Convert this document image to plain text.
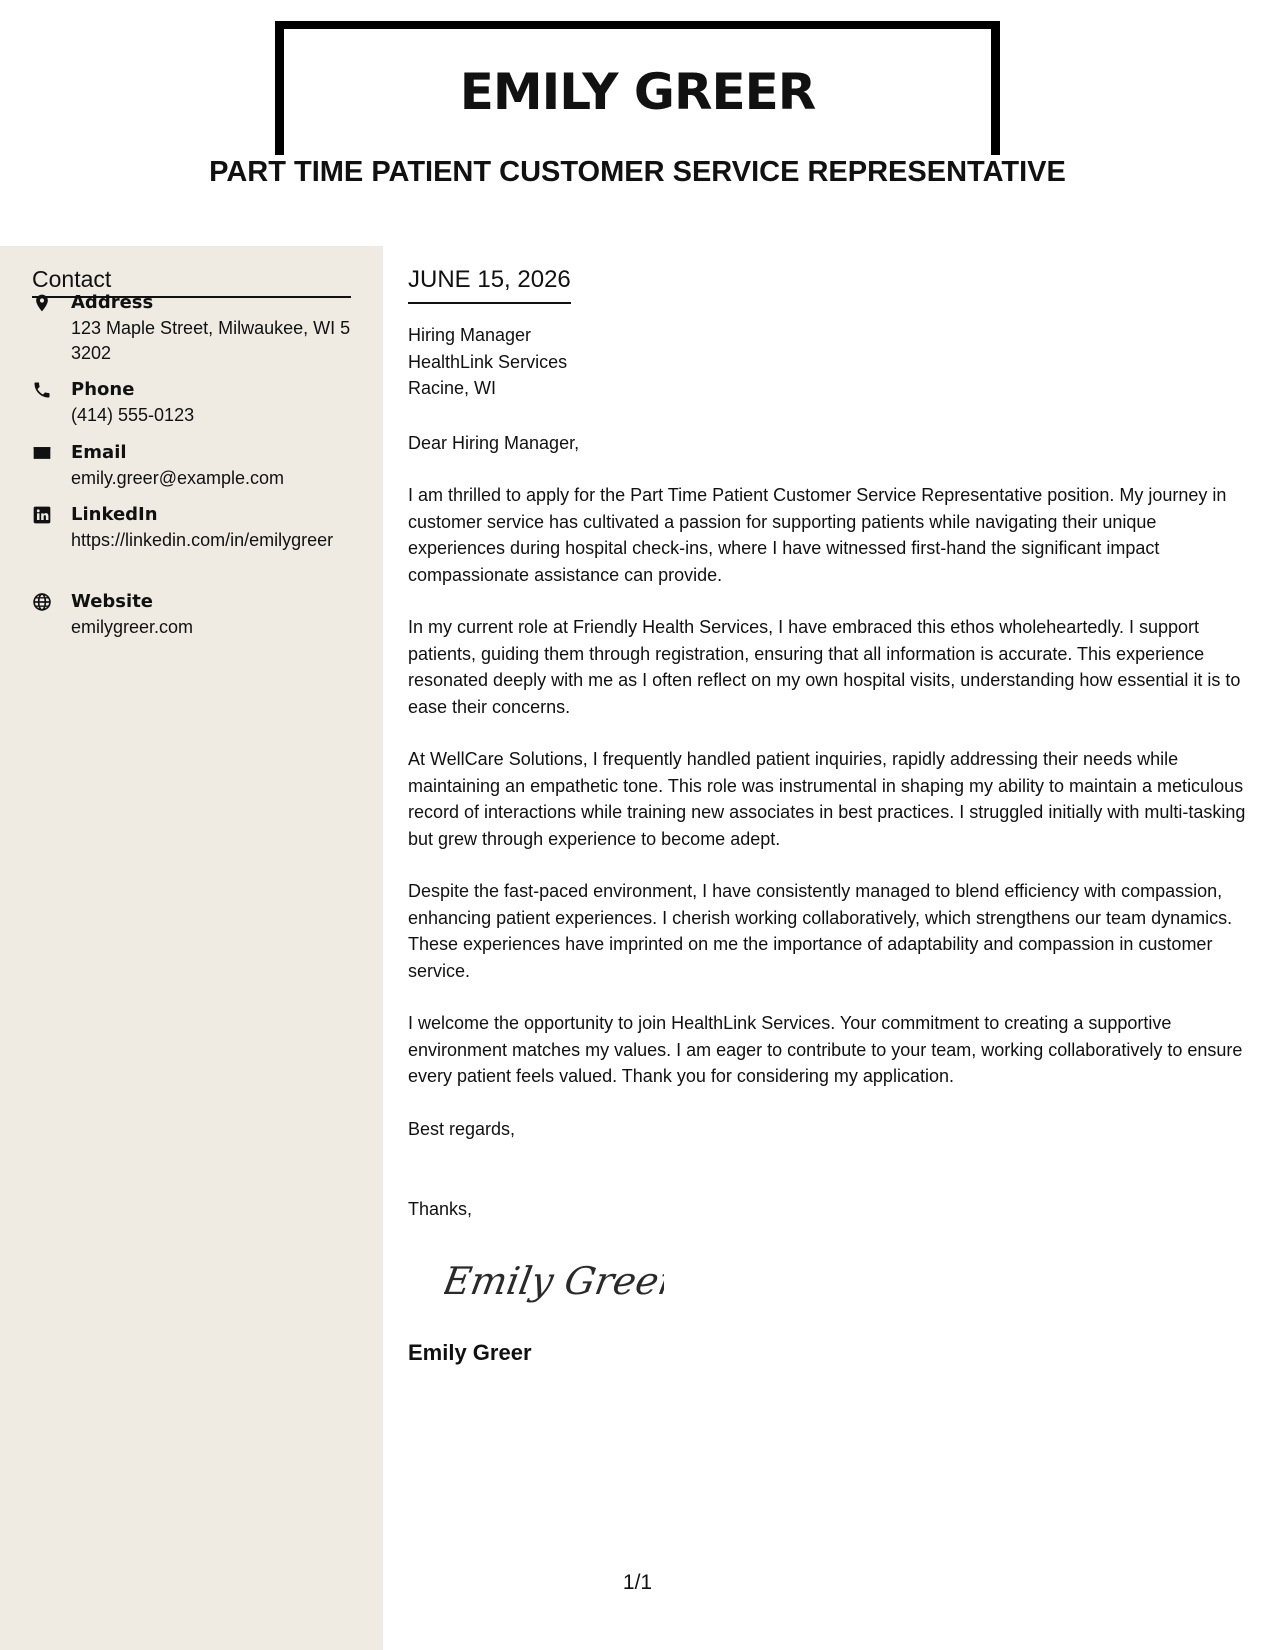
EMILY GREER
PART TIME PATIENT CUSTOMER SERVICE REPRESENTATIVE
Contact
Address
123 Maple Street, Milwaukee, WI 53202
Phone
(414) 555-0123
Email
emily.greer@example.com
LinkedIn
https://linkedin.com/in/emilygreer
Website
emilygreer.com
JUNE 15, 2026
Hiring Manager
HealthLink Services
Racine, WI
Dear Hiring Manager,
I am thrilled to apply for the Part Time Patient Customer Service Representative position. My journey in customer service has cultivated a passion for supporting patients while navigating their unique experiences during hospital check-ins, where I have witnessed first-hand the significant impact compassionate assistance can provide.
In my current role at Friendly Health Services, I have embraced this ethos wholeheartedly. I support patients, guiding them through registration, ensuring that all information is accurate. This experience resonated deeply with me as I often reflect on my own hospital visits, understanding how essential it is to ease their concerns.
At WellCare Solutions, I frequently handled patient inquiries, rapidly addressing their needs while maintaining an empathetic tone. This role was instrumental in shaping my ability to maintain a meticulous record of interactions while training new associates in best practices. I struggled initially with multi-tasking but grew through experience to become adept.
Despite the fast-paced environment, I have consistently managed to blend efficiency with compassion, enhancing patient experiences. I cherish working collaboratively, which strengthens our team dynamics. These experiences have imprinted on me the importance of adaptability and compassion in customer service.
I welcome the opportunity to join HealthLink Services. Your commitment to creating a supportive environment matches my values. I am eager to contribute to your team, working collaboratively to ensure every patient feels valued. Thank you for considering my application.
Best regards,
Thanks,
Emily Greer
Emily Greer
1/1
